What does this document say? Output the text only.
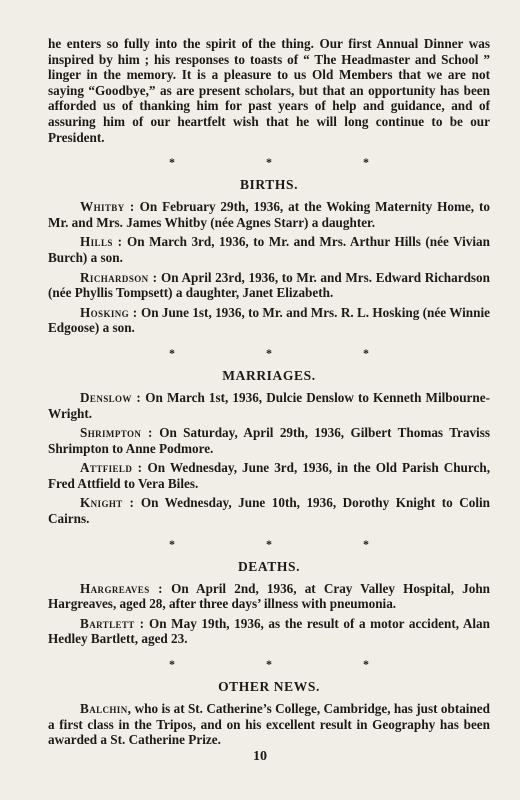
he enters so fully into the spirit of the thing. Our first Annual Dinner was inspired by him ; his responses to toasts of “ The Headmaster and School ” linger in the memory. It is a pleasure to us Old Members that we are not saying “Goodbye,” as are present scholars, but that an opportunity has been afforded us of thanking him for past years of help and guidance, and of assuring him of our heartfelt wish that he will long continue to be our President.

* * *
BIRTHS.

Whitby : On February 29th, 1936, at the Woking Maternity Home, to Mr. and Mrs. James Whitby (née Agnes Starr) a daughter.

Hills : On March 3rd, 1936, to Mr. and Mrs. Arthur Hills (née Vivian Burch) a son.

Richardson : On April 23rd, 1936, to Mr. and Mrs. Edward Richardson (née Phyllis Tompsett) a daughter, Janet Elizabeth.

Hosking : On June 1st, 1936, to Mr. and Mrs. R. L. Hosking (née Winnie Edgoose) a son.

* * *
MARRIAGES.

Denslow : On March 1st, 1936, Dulcie Denslow to Kenneth Milbourne-Wright.

Shrimpton : On Saturday, April 29th, 1936, Gilbert Thomas Traviss Shrimpton to Anne Podmore.

Attfield : On Wednesday, June 3rd, 1936, in the Old Parish Church, Fred Attfield to Vera Biles.

Knight : On Wednesday, June 10th, 1936, Dorothy Knight to Colin Cairns.

* * *
DEATHS.

Hargreaves : On April 2nd, 1936, at Cray Valley Hospital, John Hargreaves, aged 28, after three days’ illness with pneumonia.

Bartlett : On May 19th, 1936, as the result of a motor accident, Alan Hedley Bartlett, aged 23.

* * *
OTHER NEWS.

Balchin, who is at St. Catherine’s College, Cambridge, has just obtained a first class in the Tripos, and on his excellent result in Geography has been awarded a St. Catherine Prize.

10
